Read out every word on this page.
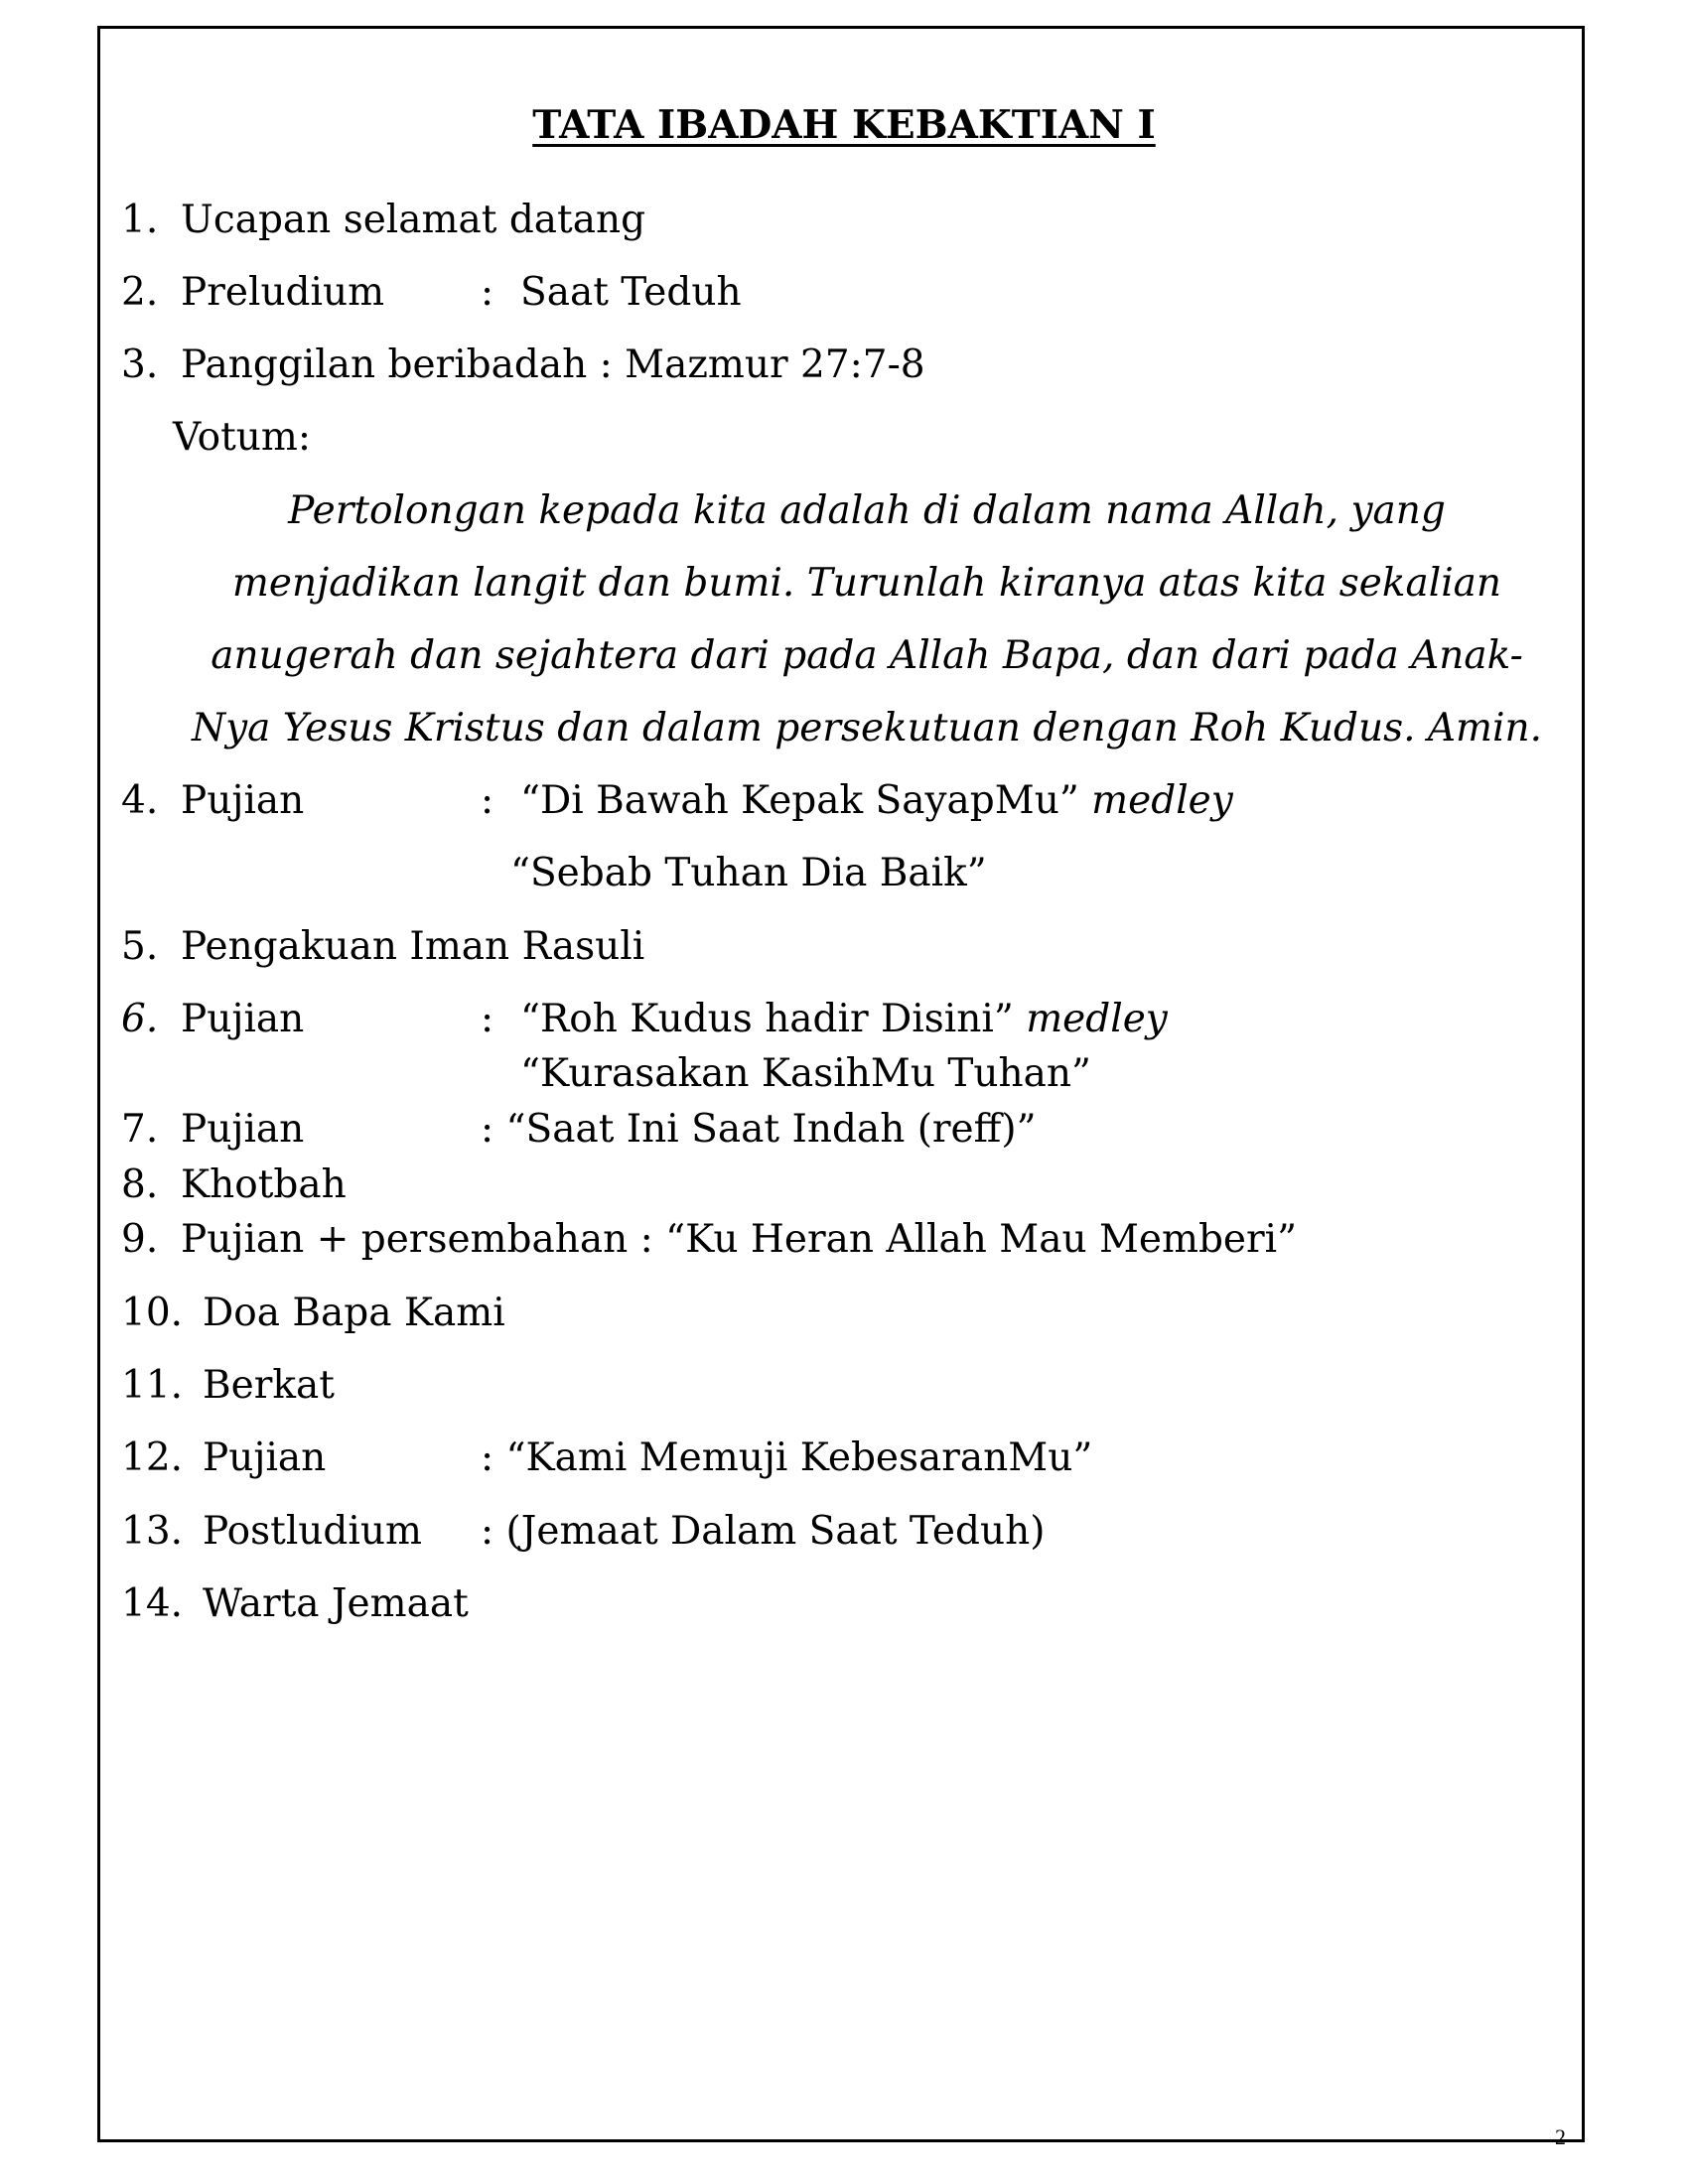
TATA IBADAH KEBAKTIAN I
1. Ucapan selamat datang
2. Preludium : Saat Teduh
3. Panggilan beribadah : Mazmur 27:7-8
Votum:
Pertolongan kepada kita adalah di dalam nama Allah, yang
menjadikan langit dan bumi. Turunlah kiranya atas kita sekalian
anugerah dan sejahtera dari pada Allah Bapa, dan dari pada Anak-
Nya Yesus Kristus dan dalam persekutuan dengan Roh Kudus. Amin.
4. Pujian	: “Di Bawah Kepak SayapMu” medley
“Sebab Tuhan Dia Baik”
5. Pengakuan Iman Rasuli
6. Pujian	: “Roh Kudus hadir Disini” medley
“Kurasakan KasihMu Tuhan”
7. Pujian	: “Saat Ini Saat Indah (reff)”
8. Khotbah
9. Pujian + persembahan : “Ku Heran Allah Mau Memberi”
10. Doa Bapa Kami
11. Berkat
12. Pujian	: “Kami Memuji KebesaranMu”
13. Postludium : (Jemaat Dalam Saat Teduh)
14. Warta Jemaat
2
